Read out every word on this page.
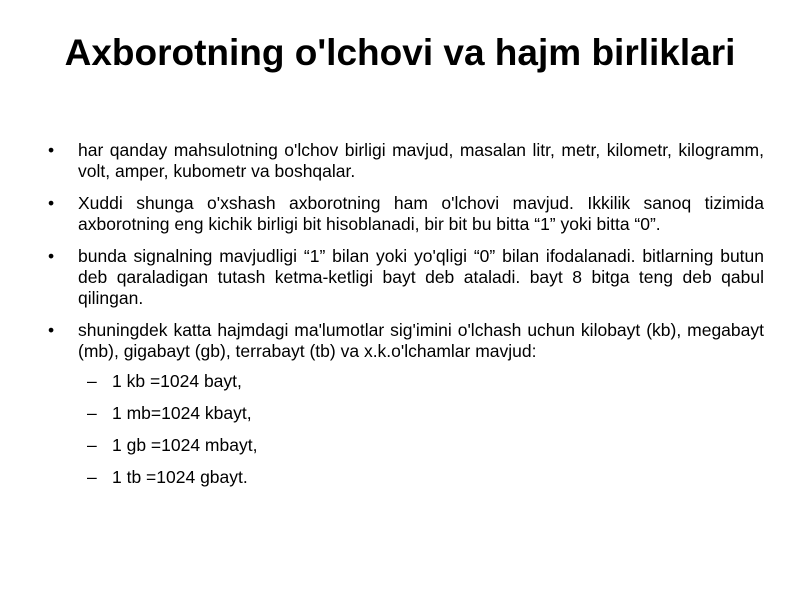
Axborotning o'lchovi va hajm birliklari
• har qanday mahsulotning o'lchov birligi mavjud, masalan litr, metr, kilometr, kilogramm, volt, amper, kubometr va boshqalar.
• Xuddi shunga o'xshash axborotning ham o'lchovi mavjud. Ikkilik sanoq tizimida axborotning eng kichik birligi bit hisoblanadi, bir bit bu bitta “1” yoki bitta “0”.
• bunda signalning mavjudligi “1” bilan yoki yo'qligi “0” bilan ifodalanadi. bitlarning butun deb qaraladigan tutash ketma-ketligi bayt deb ataladi. bayt 8 bitga teng deb qabul qilingan.
• shuningdek katta hajmdagi ma'lumotlar sig'imini o'lchash uchun kilobayt (kb), megabayt (mb), gigabayt (gb), terrabayt (tb) va x.k.o'lchamlar mavjud:
– 1 kb =1024 bayt,
– 1 mb=1024 kbayt,
– 1 gb =1024 mbayt,
– 1 tb =1024 gbayt.
